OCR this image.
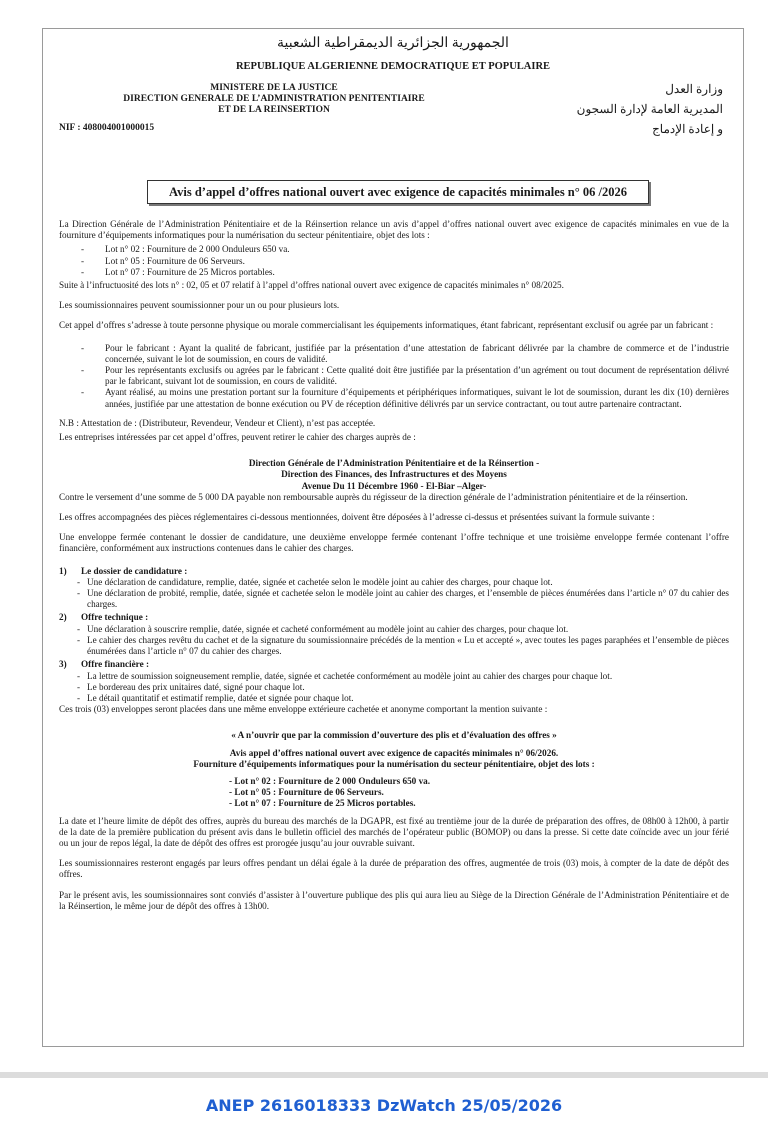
الجمهورية الجزائرية الديمقراطية الشعبية
REPUBLIQUE ALGERIENNE DEMOCRATIQUE ET POPULAIRE
MINISTERE DE LA JUSTICE
DIRECTION GENERALE DE L’ADMINISTRATION PENITENTIAIRE
ET DE LA REINSERTION
NIF : 408004001000015
وزارة العدل
المديرية العامة لإدارة السجون
و إعادة الإدماج
Avis d’appel d’offres national ouvert avec exigence de capacités minimales n° 06 /2026

La Direction Générale de l’Administration Pénitentiaire et de la Réinsertion relance un avis d’appel d’offres national ouvert avec exigence de capacités minimales en vue de la fourniture d’équipements informatiques pour la numérisation du secteur pénitentiaire, objet des lots :

- Lot n° 02 : Fourniture de 2 000 Onduleurs 650 va.
- Lot n° 05 : Fourniture de 06 Serveurs.
- Lot n° 07 : Fourniture de 25 Micros portables.

Suite à l’infructuosité des lots n° : 02, 05 et 07 relatif à l’appel d’offres national ouvert avec exigence de capacités minimales n° 08/2025.

Les soumissionnaires peuvent soumissionner pour un ou pour plusieurs lots.

Cet appel d’offres s’adresse à toute personne physique ou morale commercialisant les équipements informatiques, étant fabricant, représentant exclusif ou agrée par un fabricant :

- Pour le fabricant : Ayant la qualité de fabricant, justifiée par la présentation d’une attestation de fabricant délivrée par la chambre de commerce et de l’industrie concernée, suivant le lot de soumission, en cours de validité.
- Pour les représentants exclusifs ou agrées par le fabricant : Cette qualité doit être justifiée par la présentation d’un agrément ou tout document de représentation délivré par le fabricant, suivant lot de soumission, en cours de validité.
- Ayant réalisé, au moins une prestation portant sur la fourniture d’équipements et périphériques informatiques, suivant le lot de soumission, durant les dix (10) dernières années, justifiée par une attestation de bonne exécution ou PV de réception définitive délivrés par un service contractant, ou tout autre partenaire contractant.

N.B : Attestation de : (Distributeur, Revendeur, Vendeur et Client), n’est pas acceptée.

Les entreprises intéressées par cet appel d’offres, peuvent retirer le cahier des charges auprès de :

Direction Générale de l’Administration Pénitentiaire et de la Réinsertion -
Direction des Finances, des Infrastructures et des Moyens
Avenue Du 11 Décembre 1960 - El-Biar –Alger-

Contre le versement d’une somme de 5 000 DA payable non remboursable auprès du régisseur de la direction générale de l’administration pénitentiaire et de la réinsertion.

Les offres accompagnées des pièces réglementaires ci-dessous mentionnées, doivent être déposées à l’adresse ci-dessus et présentées suivant la formule suivante :

Une enveloppe fermée contenant le dossier de candidature, une deuxième enveloppe fermée contenant l’offre technique et une troisième enveloppe fermée contenant l’offre financière, conformément aux instructions contenues dans le cahier des charges.

1)	Le dossier de candidature :
- Une déclaration de candidature, remplie, datée, signée et cachetée selon le modèle joint au cahier des charges, pour chaque lot.
- Une déclaration de probité, remplie, datée, signée et cachetée selon le modèle joint au cahier des charges, et l’ensemble de pièces énumérées dans l’article n° 07 du cahier des charges.
2)	Offre technique :
- Une déclaration à souscrire remplie, datée, signée et cacheté conformément au modèle joint au cahier des charges, pour chaque lot.
- Le cahier des charges revêtu du cachet et de la signature du soumissionnaire précédés de la mention « Lu et accepté », avec toutes les pages paraphées et l’ensemble de pièces énumérées dans l’article n° 07 du cahier des charges.
3)	Offre financière :
- La lettre de soumission soigneusement remplie, datée, signée et cachetée conformément au modèle joint au cahier des charges pour chaque lot.
- Le bordereau des prix unitaires daté, signé pour chaque lot.
- Le détail quantitatif et estimatif remplie, datée et signée pour chaque lot.

Ces trois (03) enveloppes seront placées dans une même enveloppe extérieure cachetée et anonyme comportant la mention suivante :

« A n’ouvrir que par la commission d’ouverture des plis et d’évaluation des offres »
Avis appel d’offres national ouvert avec exigence de capacités minimales n° 06/2026.
Fourniture d’équipements informatiques pour la numérisation du secteur pénitentiaire, objet des lots :
- Lot n° 02 : Fourniture de 2 000 Onduleurs 650 va.
- Lot n° 05 : Fourniture de 06 Serveurs.
- Lot n° 07 : Fourniture de 25 Micros portables.

La date et l’heure limite de dépôt des offres, auprès du bureau des marchés de la DGAPR, est fixé au trentième jour de la durée de préparation des offres, de 08h00 à 12h00, à partir de la date de la première publication du présent avis dans le bulletin officiel des marchés de l’opérateur public (BOMOP) ou dans la presse. Si cette date coïncide avec un jour férié ou un jour de repos légal, la date de dépôt des offres est prorogée jusqu’au jour ouvrable suivant.

Les soumissionnaires resteront engagés par leurs offres pendant un délai égale à la durée de préparation des offres, augmentée de trois (03) mois, à compter de la date de dépôt des offres.

Par le présent avis, les soumissionnaires sont conviés d’assister à l’ouverture publique des plis qui aura lieu au Siège de la Direction Générale de l’Administration Pénitentiaire et de la Réinsertion, le même jour de dépôt des offres à 13h00.

ANEP 2616018333 DzWatch 25/05/2026
